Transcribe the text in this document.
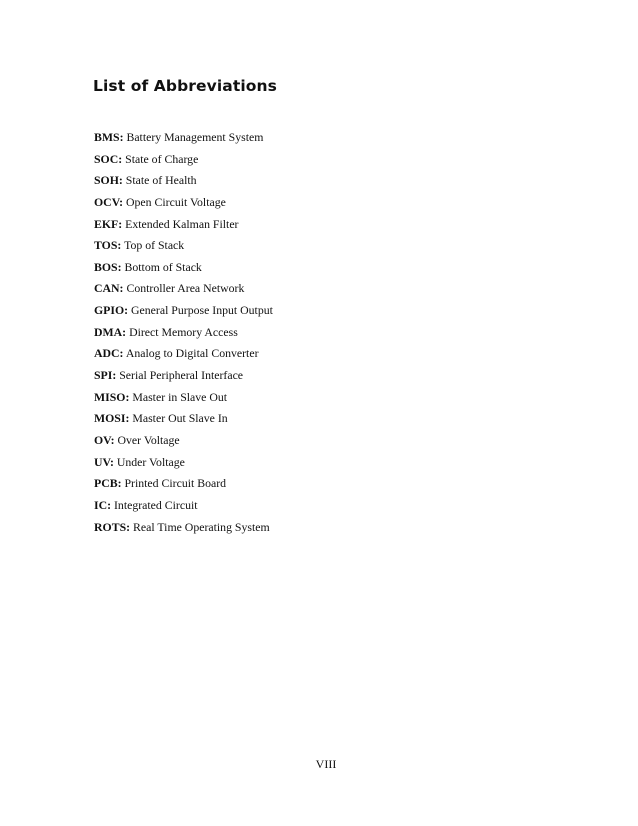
List of Abbreviations
BMS: Battery Management System
SOC: State of Charge
SOH: State of Health
OCV: Open Circuit Voltage
EKF: Extended Kalman Filter
TOS: Top of Stack
BOS: Bottom of Stack
CAN: Controller Area Network
GPIO: General Purpose Input Output
DMA: Direct Memory Access
ADC: Analog to Digital Converter
SPI: Serial Peripheral Interface
MISO: Master in Slave Out
MOSI: Master Out Slave In
OV: Over Voltage
UV: Under Voltage
PCB: Printed Circuit Board
IC: Integrated Circuit
ROTS: Real Time Operating System
VIII
